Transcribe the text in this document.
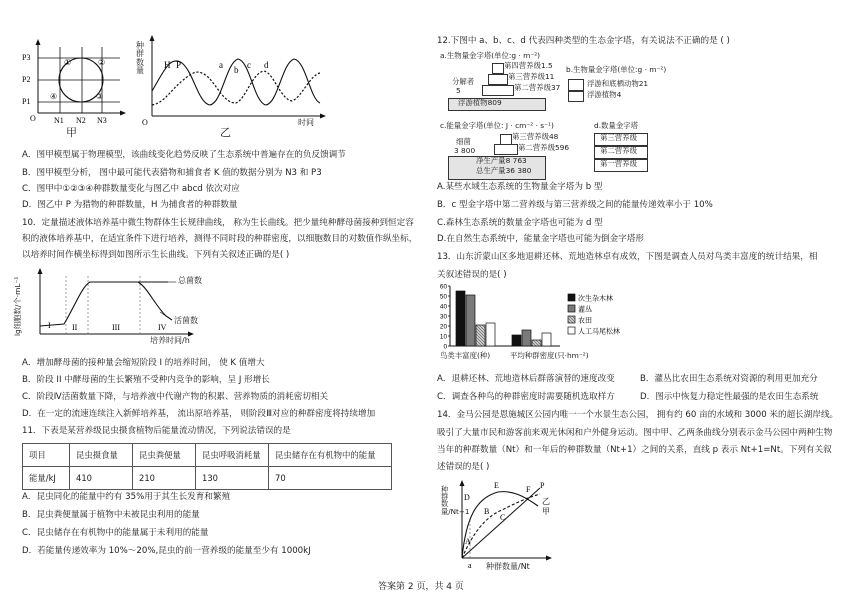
P3
P2
P1
N1 N2 N3
O
①	②
③
④
甲
H P	a b c d
O
种群数量
时间
乙
A．图甲模型属于物理模型，该曲线变化趋势反映了生态系统中普遍存在的负反馈调节
B．图甲模型分析， 图中最可能代表猎物和捕食者 K 值的数据分别为 N3 和 P3
C．图甲中①②③④种群数量变化与图乙中 abcd 依次对应
D．图乙中 P 为猎物的种群数量，H 为捕食者的种群数量
10．定量描述液体培养基中微生物群体生长规律曲线， 称为生长曲线。把少量纯种酵母菌接种到恒定容
积的液体培养基中，在适宜条件下进行培养，测得不同时段的种群密度，以细胞数目的对数值作纵坐标，
以培养时间作横坐标得到如图所示生长曲线。下列有关叙述正确的是( )
I	II	III	IV
lg细胞数/个·mL⁻¹	总菌数
活菌数
培养时间/h
A．增加酵母菌的接种量会缩短阶段 I 的培养时间， 使 K 值增大
B．阶段 II 中酵母菌的生长繁殖不受种内竞争的影响，呈 J 形增长
C．阶段Ⅳ活菌数量下降，与培养液中代谢产物的积累、营养物质的消耗密切相关
D．在一定的流速连续注入新鲜培养基， 流出原培养基， 则阶段Ⅲ对应的种群密度将持续增加
11．下表是某营养级昆虫摄食植物后能量流动情况，下列说法错误的是
项目	昆虫摄食量	昆虫粪便量	昆虫呼吸消耗量	昆虫储存在有机物中的能量
能量/kJ	410	210	130	70
A．昆虫同化的能量中约有 35%用于其生长发育和繁殖
B．昆虫粪便量属于植物中未被昆虫利用的能量
C．昆虫储存在有机物中的能量属于未利用的能量
D．若能量传递效率为 10%～20%,昆虫的前一营养级的能量至少有 1000kJ
12.下图中 a、b、c、d 代表四种类型的生态金字塔，有关说法不正确的是 ( )
a.生物量金字塔(单位:g · m⁻²)
第四营养级1.5
第三营养级11
第二营养级37
浮游植物809
分解者
5
b.生物量金字塔(单位:g · m⁻²)
浮游和底栖动物21
浮游植物4
c.能量金字塔(单位: J · cm⁻² · s⁻¹)
第三营养级48
第二营养级596
净生产量8 763
总生产量36 380
细菌
3 800
d.数量金字塔
第三营养级
第二营养级
第一营养级
A.某些水域生态系统的生物量金字塔为 b 型
B．c 型金字塔中第二营养级与第三营养级之间的能量传递效率小于 10%
C.森林生态系统的数量金字塔也可能为 d 型
D.在自然生态系统中，能量金字塔也可能为倒金字塔形
13．山东沂蒙山区多地退耕还林、荒地造林卓有成效，下图是调查人员对鸟类丰富度的统计结果，相
关叙述错误的是( )
0
10
20
30
40
50
60
次生杂木林
灌丛
农田
人工马尾松林
鸟类丰富度(种)	平均种群密度(只·hm⁻²)
A．退耕还林、荒地造林后群落演替的速度改变	B．灌丛比农田生态系统对资源的利用更加充分
C．调查各种鸟的种群密度时需要随机选取样方	D．图示中恢复力稳定性最强的是农田生态系统
14．金马公园是恩施城区公园内唯一一个水景生态公园， 拥有约 60 亩的水域和 3000 米的超长湖岸线。
吸引了大量市民和游客前来观光休闲和户外健身运动。图中甲、乙两条曲线分别表示金马公园中两种生物
当年的种群数量（Nt）和一年后的种群数量（Nt+1）之间的关系，直线 p 表示 Nt+1=Nt。下列有关叙
述错误的是( )
A
B
C
D
E	F P
乙
甲
a
种群数量/Nt+1
种群数量/Nt
答案第 2 页，共 4 页
